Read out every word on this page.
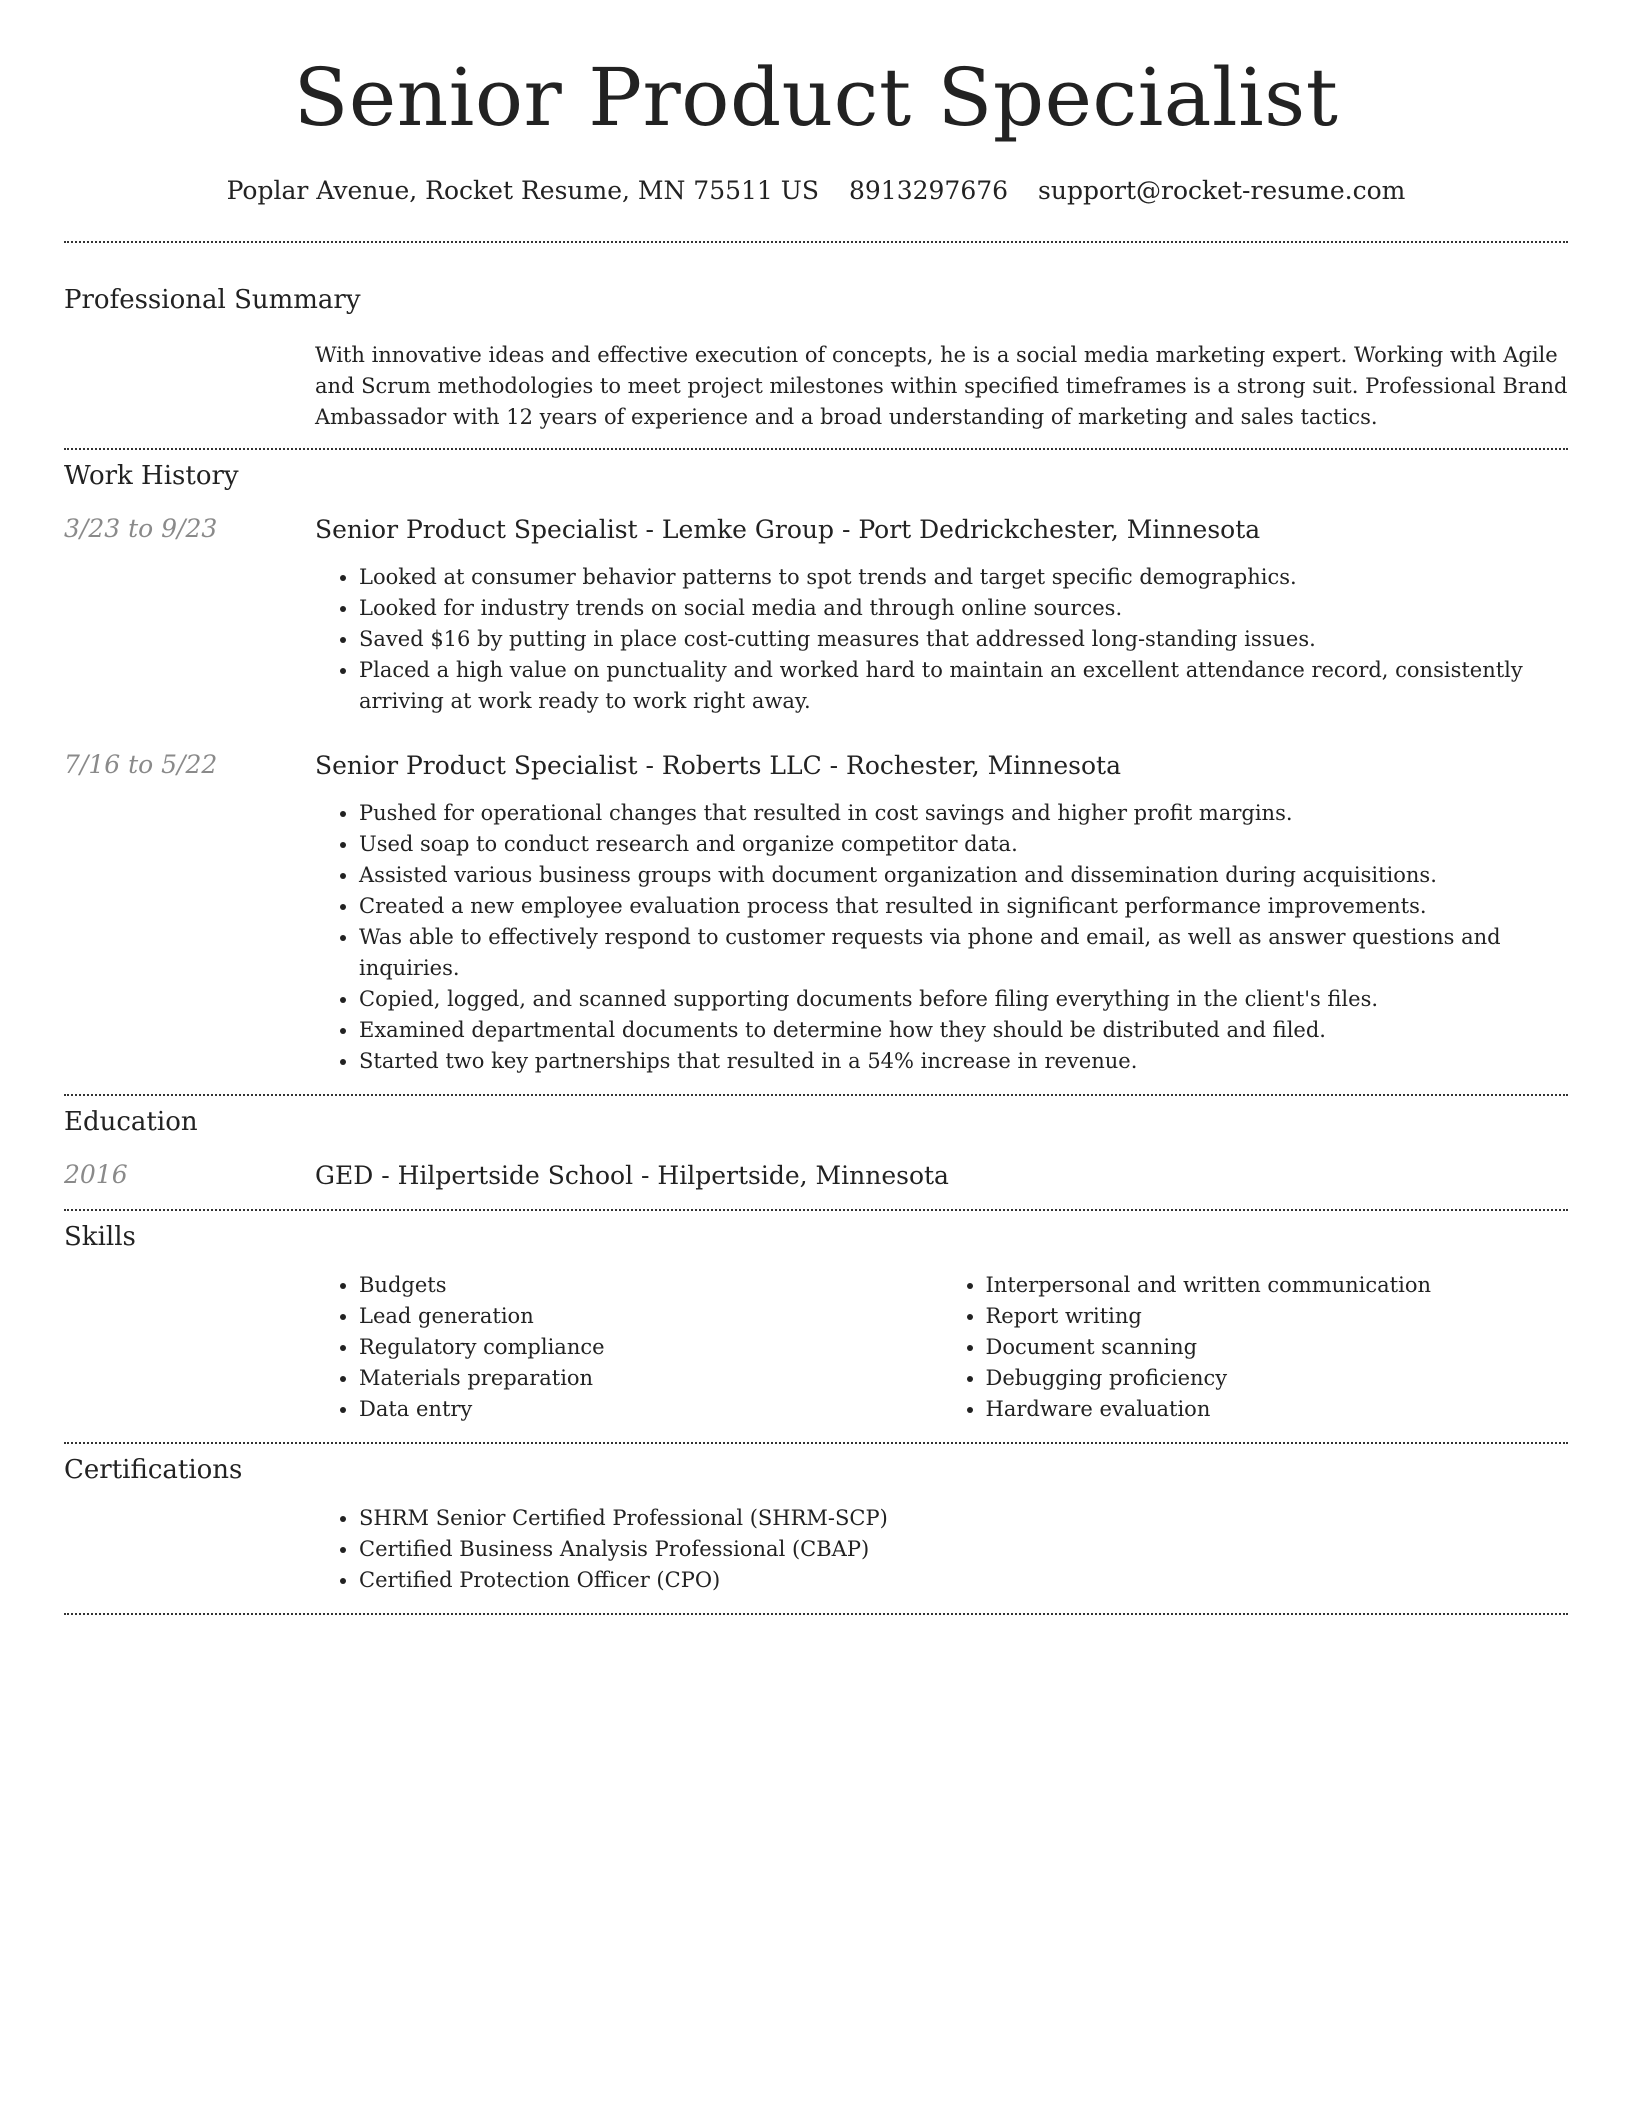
Senior Product Specialist
Poplar Avenue, Rocket Resume, MN 75511 US 8913297676 support@rocket-resume.com
Professional Summary

With innovative ideas and effective execution of concepts, he is a social media marketing expert. Working with Agile and Scrum methodologies to meet project milestones within specified timeframes is a strong suit. Professional Brand Ambassador with 12 years of experience and a broad understanding of marketing and sales tactics.

Work History
3/23 to 9/23	Senior Product Specialist - Lemke Group - Port Dedrickchester, Minnesota

• Looked at consumer behavior patterns to spot trends and target specific demographics.
• Looked for industry trends on social media and through online sources.
• Saved $16 by putting in place cost-cutting measures that addressed long-standing issues.
• Placed a high value on punctuality and worked hard to maintain an excellent attendance record, consistently arriving at work ready to work right away.
7/16 to 5/22	Senior Product Specialist - Roberts LLC - Rochester, Minnesota

• Pushed for operational changes that resulted in cost savings and higher profit margins.
• Used soap to conduct research and organize competitor data.
• Assisted various business groups with document organization and dissemination during acquisitions.
• Created a new employee evaluation process that resulted in significant performance improvements.
• Was able to effectively respond to customer requests via phone and email, as well as answer questions and inquiries.
• Copied, logged, and scanned supporting documents before filing everything in the client's files.
• Examined departmental documents to determine how they should be distributed and filed.
• Started two key partnerships that resulted in a 54% increase in revenue.
Education
2016	GED - Hilpertside School - Hilpertside, Minnesota

Skills
• Budgets
• Lead generation
• Regulatory compliance
• Materials preparation
• Data entry
• Interpersonal and written communication
• Report writing
• Document scanning
• Debugging proficiency
• Hardware evaluation
Certifications
• SHRM Senior Certified Professional (SHRM-SCP)
• Certified Business Analysis Professional (CBAP)
• Certified Protection Officer (CPO)
